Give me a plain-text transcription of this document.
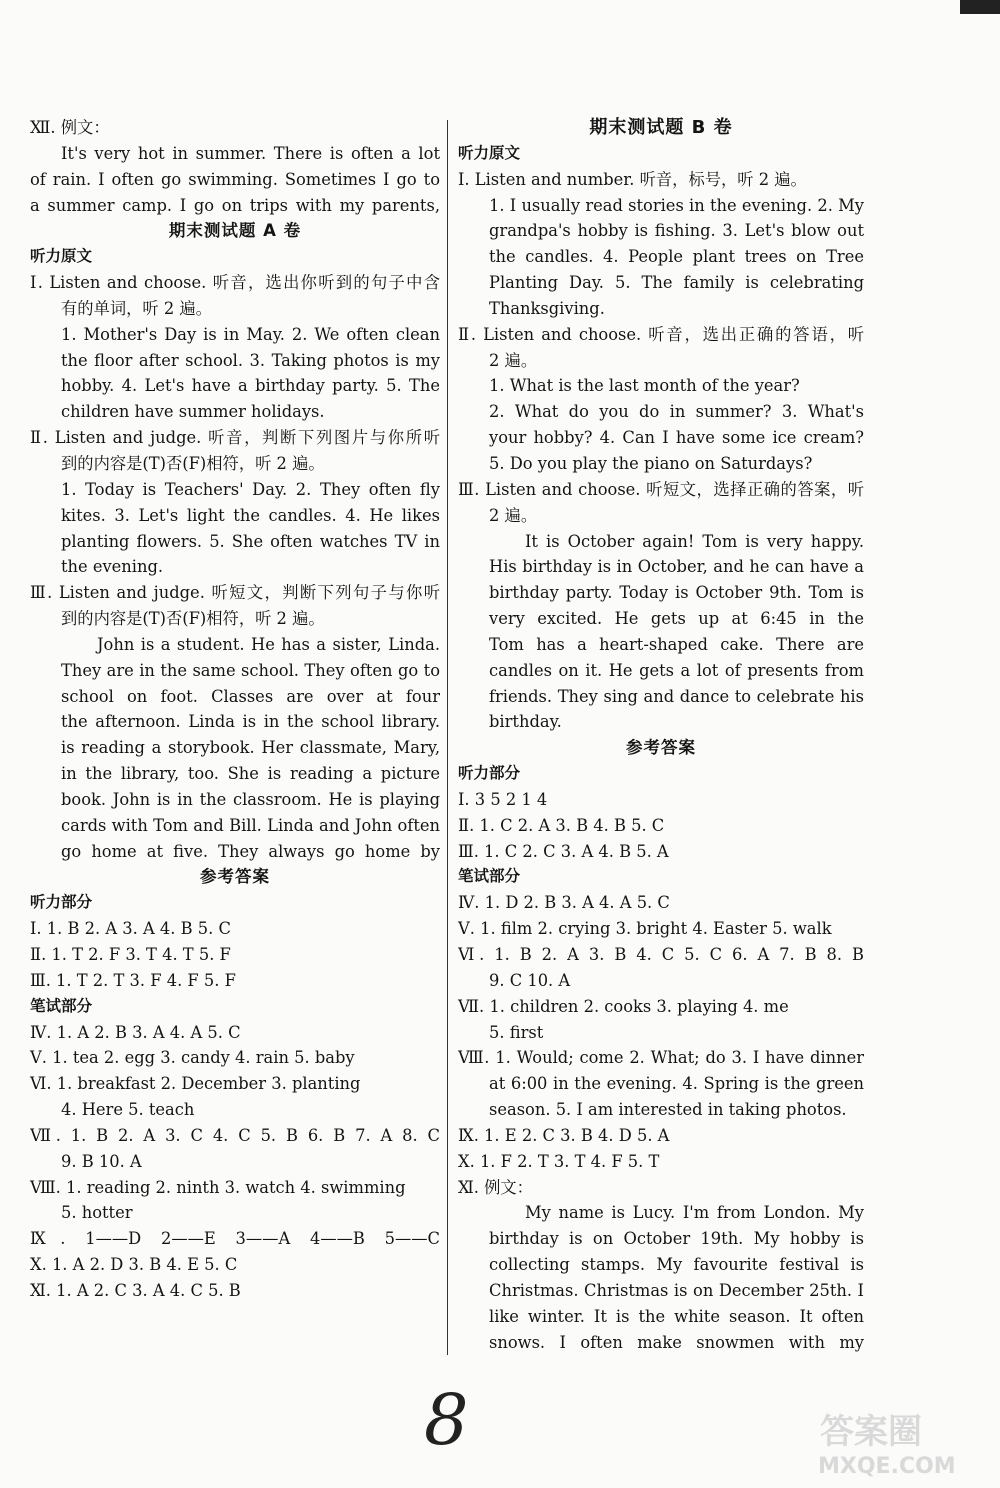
Ⅻ. 例文：
It's very hot in summer. There is often a lot
of rain. I often go swimming. Sometimes I go to
a summer camp. I go on trips with my parents,
期末测试题 A 卷
听力原文
Ⅰ. Listen and choose. 听音，选出你听到的句子中含
有的单词，听 2 遍。
1. Mother's Day is in May. 2. We often clean
the floor after school. 3. Taking photos is my
hobby. 4. Let's have a birthday party. 5. The
children have summer holidays.
Ⅱ. Listen and judge. 听音，判断下列图片与你所听
到的内容是(T)否(F)相符，听 2 遍。
1. Today is Teachers' Day. 2. They often fly
kites. 3. Let's light the candles. 4. He likes
planting flowers. 5. She often watches TV in
the evening.
Ⅲ. Listen and judge. 听短文，判断下列句子与你听
到的内容是(T)否(F)相符，听 2 遍。
John is a student. He has a sister, Linda.
They are in the same school. They often go to
school on foot. Classes are over at four
the afternoon. Linda is in the school library.
is reading a storybook. Her classmate, Mary,
in the library, too. She is reading a picture
book. John is in the classroom. He is playing
cards with Tom and Bill. Linda and John often
go home at five. They always go home by
参考答案
听力部分
Ⅰ. 1. B 2. A 3. A 4. B 5. C
Ⅱ. 1. T 2. F 3. T 4. T 5. F
Ⅲ. 1. T 2. T 3. F 4. F 5. F
笔试部分
Ⅳ. 1. A 2. B 3. A 4. A 5. C
Ⅴ. 1. tea 2. egg 3. candy 4. rain 5. baby
Ⅵ. 1. breakfast 2. December 3. planting
4. Here 5. teach
Ⅶ. 1. B 2. A 3. C 4. C 5. B 6. B 7. A 8. C
9. B 10. A
Ⅷ. 1. reading 2. ninth 3. watch 4. swimming
5. hotter
Ⅸ. 1——D 2——E 3——A 4——B 5——C
Ⅹ. 1. A 2. D 3. B 4. E 5. C
Ⅺ. 1. A 2. C 3. A 4. C 5. B
期末测试题 B 卷
听力原文
Ⅰ. Listen and number. 听音，标号，听 2 遍。
1. I usually read stories in the evening. 2. My
grandpa's hobby is fishing. 3. Let's blow out
the candles. 4. People plant trees on Tree
Planting Day. 5. The family is celebrating
Thanksgiving.
Ⅱ. Listen and choose. 听音，选出正确的答语，听
2 遍。
1. What is the last month of the year?
2. What do you do in summer? 3. What's
your hobby? 4. Can I have some ice cream?
5. Do you play the piano on Saturdays?
Ⅲ. Listen and choose. 听短文，选择正确的答案，听
2 遍。
It is October again! Tom is very happy.
His birthday is in October, and he can have a
birthday party. Today is October 9th. Tom is
very excited. He gets up at 6:45 in the
Tom has a heart-shaped cake. There are
candles on it. He gets a lot of presents from
friends. They sing and dance to celebrate his
birthday.
参考答案
听力部分
Ⅰ. 3 5 2 1 4
Ⅱ. 1. C 2. A 3. B 4. B 5. C
Ⅲ. 1. C 2. C 3. A 4. B 5. A
笔试部分
Ⅳ. 1. D 2. B 3. A 4. A 5. C
Ⅴ. 1. film 2. crying 3. bright 4. Easter 5. walk
Ⅵ. 1. B 2. A 3. B 4. C 5. C 6. A 7. B 8. B
9. C 10. A
Ⅶ. 1. children 2. cooks 3. playing 4. me
5. first
Ⅷ. 1. Would; come 2. What; do 3. I have dinner
at 6:00 in the evening. 4. Spring is the green
season. 5. I am interested in taking photos.
Ⅸ. 1. E 2. C 3. B 4. D 5. A
Ⅹ. 1. F 2. T 3. T 4. F 5. T
Ⅺ. 例文：
My name is Lucy. I'm from London. My
birthday is on October 19th. My hobby is
collecting stamps. My favourite festival is
Christmas. Christmas is on December 25th. I
like winter. It is the white season. It often
snows. I often make snowmen with my
8	答案圈
MXQE.COM
